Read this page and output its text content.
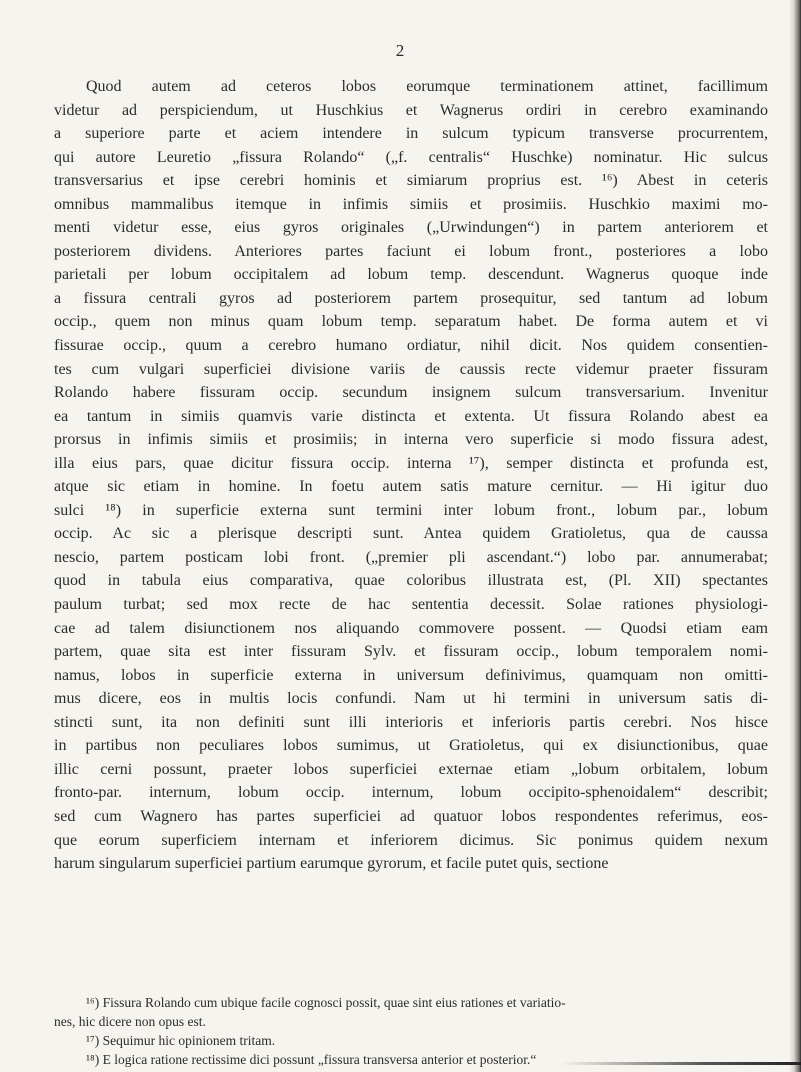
2
Quod autem ad ceteros lobos eorumque terminationem attinet, facillimum
videtur ad perspiciendum, ut Huschkius et Wagnerus ordiri in cerebro examinando
a superiore parte et aciem intendere in sulcum typicum transverse procurrentem,
qui autore Leuretio „fissura Rolando“ („f. centralis“ Huschke) nominatur. Hic sulcus
transversarius et ipse cerebri hominis et simiarum proprius est. ¹⁶) Abest in ceteris
omnibus mammalibus itemque in infimis simiis et prosimiis. Huschkio maximi mo-
menti videtur esse, eius gyros originales („Urwindungen“) in partem anteriorem et
posteriorem dividens. Anteriores partes faciunt ei lobum front., posteriores a lobo
parietali per lobum occipitalem ad lobum temp. descendunt. Wagnerus quoque inde
a fissura centrali gyros ad posteriorem partem prosequitur, sed tantum ad lobum
occip., quem non minus quam lobum temp. separatum habet. De forma autem et vi
fissurae occip., quum a cerebro humano ordiatur, nihil dicit. Nos quidem consentien-
tes cum vulgari superficiei divisione variis de caussis recte videmur praeter fissuram
Rolando habere fissuram occip. secundum insignem sulcum transversarium. Invenitur
ea tantum in simiis quamvis varie distincta et extenta. Ut fissura Rolando abest ea
prorsus in infimis simiis et prosimiis; in interna vero superficie si modo fissura adest,
illa eius pars, quae dicitur fissura occip. interna ¹⁷), semper distincta et profunda est,
atque sic etiam in homine. In foetu autem satis mature cernitur. — Hi igitur duo
sulci ¹⁸) in superficie externa sunt termini inter lobum front., lobum par., lobum
occip. Ac sic a plerisque descripti sunt. Antea quidem Gratioletus, qua de caussa
nescio, partem posticam lobi front. („premier pli ascendant.“) lobo par. annumerabat;
quod in tabula eius comparativa, quae coloribus illustrata est, (Pl. XII) spectantes
paulum turbat; sed mox recte de hac sententia decessit. Solae rationes physiologi-
cae ad talem disiunctionem nos aliquando commovere possent. — Quodsi etiam eam
partem, quae sita est inter fissuram Sylv. et fissuram occip., lobum temporalem nomi-
namus, lobos in superficie externa in universum definivimus, quamquam non omitti-
mus dicere, eos in multis locis confundi. Nam ut hi termini in universum satis di-
stincti sunt, ita non definiti sunt illi interioris et inferioris partis cerebri. Nos hisce
in partibus non peculiares lobos sumimus, ut Gratioletus, qui ex disiunctionibus, quae
illic cerni possunt, praeter lobos superficiei externae etiam „lobum orbitalem, lobum
fronto-par. internum, lobum occip. internum, lobum occipito-sphenoidalem“ describit;
sed cum Wagnero has partes superficiei ad quatuor lobos respondentes referimus, eos-
que eorum superficiem internam et inferiorem dicimus. Sic ponimus quidem nexum
harum singularum superficiei partium earumque gyrorum, et facile putet quis, sectione
¹⁶) Fissura Rolando cum ubique facile cognosci possit, quae sint eius rationes et variatio-
nes, hic dicere non opus est.
¹⁷) Sequimur hic opinionem tritam.
¹⁸) E logica ratione rectissime dici possunt „fissura transversa anterior et posterior.“
